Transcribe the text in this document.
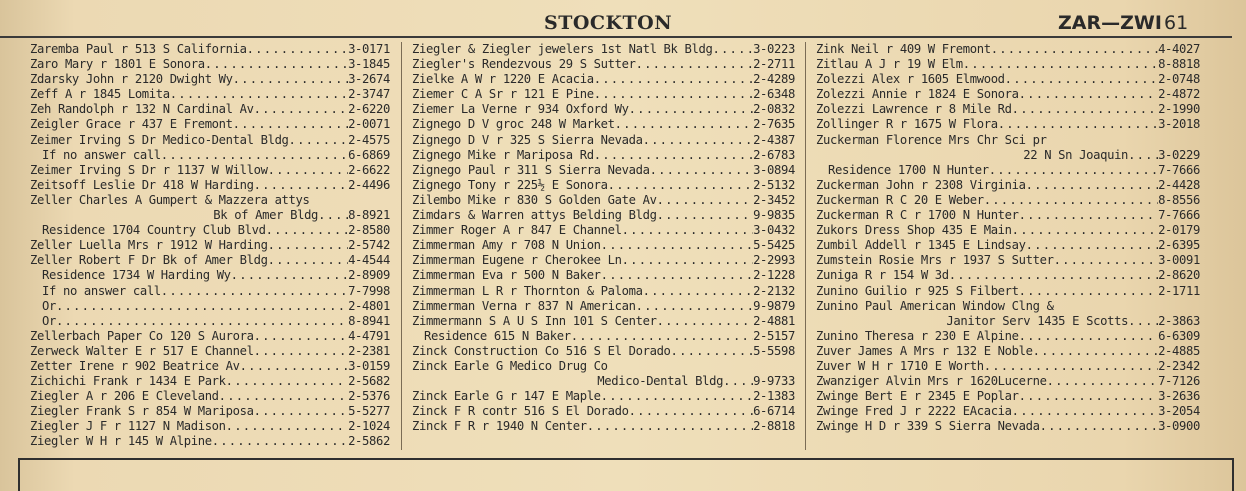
STOCKTON	ZAR—ZWI 61
Zaremba Paul r 513 S California .....	3-0171
Zaro Mary r 1801 E Sonora .....	3-1845
Zdarsky John r 2120 Dwight Wy .....	3-2674
Zeff A r 1845 Lomita .....	2-3747
Zeh Randolph r 132 N Cardinal Av .....	2-6220
Zeigler Grace r 437 E Fremont .....	2-0071
Zeimer Irving S Dr Medico-Dental Bldg .....	2-4575
If no answer call .....	6-6869
Zeimer Irving S Dr r 1137 W Willow .....	2-6622
Zeitsoff Leslie Dr 418 W Harding .....	2-4496
Zeller Charles A Gumpert & Mazzera attys
Bk of Amer Bldg ..... 8-8921
Residence 1704 Country Club Blvd .....	2-8580
Zeller Luella Mrs r 1912 W Harding .....	2-5742
Zeller Robert F Dr Bk of Amer Bldg .....	4-4544
Residence 1734 W Harding Wy .....	2-8909
If no answer call .....	7-7998
Or .....	2-4801
Or .....	8-8941
Zellerbach Paper Co 120 S Aurora .....	4-4791
Zerweck Walter E r 517 E Channel .....	2-2381
Zetter Irene r 902 Beatrice Av .....	3-0159
Zichichi Frank r 1434 E Park .....	2-5682
Ziegler A r 206 E Cleveland .....	2-5376
Ziegler Frank S r 854 W Mariposa .....	5-5277
Ziegler J F r 1127 N Madison .....	2-1024
Ziegler W H r 145 W Alpine .....	2-5862
Ziegler & Ziegler jewelers 1st Natl Bk Bldg .....	3-0223
Ziegler's Rendezvous 29 S Sutter .....	2-2711
Zielke A W r 1220 E Acacia .....	2-4289
Ziemer C A Sr r 121 E Pine .....	2-6348
Ziemer La Verne r 934 Oxford Wy .....	2-0832
Zignego D V groc 248 W Market .....	2-7635
Zignego D V r 325 S Sierra Nevada .....	2-4387
Zignego Mike r Mariposa Rd .....	2-6783
Zignego Paul r 311 S Sierra Nevada .....	3-0894
Zignego Tony r 225½ E Sonora .....	2-5132
Zilembo Mike r 830 S Golden Gate Av .....	2-3452
Zimdars & Warren attys Belding Bldg .....	9-9835
Zimmer Roger A r 847 E Channel .....	3-0432
Zimmerman Amy r 708 N Union .....	5-5425
Zimmerman Eugene r Cherokee Ln .....	2-2993
Zimmerman Eva r 500 N Baker .....	2-1228
Zimmerman L R r Thornton & Paloma .....	2-2132
Zimmerman Verna r 837 N American .....	9-9879
Zimmermann S A U S Inn 101 S Center .....	2-4881
Residence 615 N Baker .....	2-5157
Zinck Construction Co 516 S El Dorado .....	5-5598
Zinck Earle G Medico Drug Co
Medico-Dental Bldg ..... 9-9733
Zinck Earle G r 147 E Maple .....	2-1383
Zinck F R contr 516 S El Dorado .....	6-6714
Zinck F R r 1940 N Center .....	2-8818
Zink Neil r 409 W Fremont .....	4-4027
Zitlau A J r 19 W Elm .....	8-8818
Zolezzi Alex r 1605 Elmwood .....	2-0748
Zolezzi Annie r 1824 E Sonora .....	2-4872
Zolezzi Lawrence r 8 Mile Rd .....	2-1990
Zollinger R r 1675 W Flora .....	3-2018
Zuckerman Florence Mrs Chr Sci pr
22 N Sn Joaquin ..... 3-0229
Residence 1700 N Hunter .....	7-7666
Zuckerman John r 2308 Virginia .....	2-4428
Zuckerman R C 20 E Weber .....	8-8556
Zuckerman R C r 1700 N Hunter .....	7-7666
Zukors Dress Shop 435 E Main .....	2-0179
Zumbil Addell r 1345 E Lindsay .....	2-6395
Zumstein Rosie Mrs r 1937 S Sutter .....	3-0091
Zuniga R r 154 W 3d .....	2-8620
Zunino Guilio r 925 S Filbert .....	2-1711
Zunino Paul American Window Clng &
Janitor Serv 1435 E Scotts ..... 2-3863
Zunino Theresa r 230 E Alpine .....	6-6309
Zuver James A Mrs r 132 E Noble .....	2-4885
Zuver W H r 1710 E Worth .....	2-2342
Zwanziger Alvin Mrs r 1620Lucerne .....	7-7126
Zwinge Bert E r 2345 E Poplar .....	3-2636
Zwinge Fred J r 2222 EAcacia .....	3-2054
Zwinge H D r 339 S Sierra Nevada .....	3-0900
